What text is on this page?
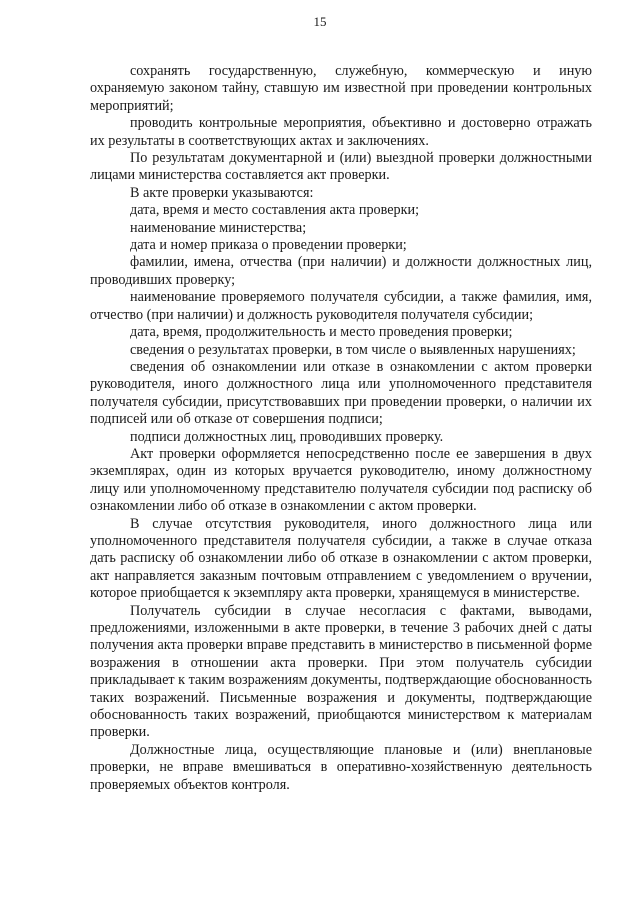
15

сохранять государственную, служебную, коммерческую и иную охраняемую законом тайну, ставшую им известной при проведении контрольных мероприятий;

проводить контрольные мероприятия, объективно и достоверно отражать их результаты в соответствующих актах и заключениях.

По результатам документарной и (или) выездной проверки должностными лицами министерства составляется акт проверки.

В акте проверки указываются:

дата, время и место составления акта проверки;

наименование министерства;

дата и номер приказа о проведении проверки;

фамилии, имена, отчества (при наличии) и должности должностных лиц, проводивших проверку;

наименование проверяемого получателя субсидии, а также фамилия, имя, отчество (при наличии) и должность руководителя получателя субсидии;

дата, время, продолжительность и место проведения проверки;

сведения о результатах проверки, в том числе о выявленных нарушениях;

сведения об ознакомлении или отказе в ознакомлении с актом проверки руководителя, иного должностного лица или уполномоченного представителя получателя субсидии, присутствовавших при проведении проверки, о наличии их подписей или об отказе от совершения подписи;

подписи должностных лиц, проводивших проверку.

Акт проверки оформляется непосредственно после ее завершения в двух экземплярах, один из которых вручается руководителю, иному должностному лицу или уполномоченному представителю получателя субсидии под расписку об ознакомлении либо об отказе в ознакомлении с актом проверки.

В случае отсутствия руководителя, иного должностного лица или уполномоченного представителя получателя субсидии, а также в случае отказа дать расписку об ознакомлении либо об отказе в ознакомлении с актом проверки, акт направляется заказным почтовым отправлением с уведомлением о вручении, которое приобщается к экземпляру акта проверки, хранящемуся в министерстве.

Получатель субсидии в случае несогласия с фактами, выводами, предложениями, изложенными в акте проверки, в течение 3 рабочих дней с даты получения акта проверки вправе представить в министерство в письменной форме возражения в отношении акта проверки. При этом получатель субсидии прикладывает к таким возражениям документы, подтверждающие обоснованность таких возражений. Письменные возражения и документы, подтверждающие обоснованность таких возражений, приобщаются министерством к материалам проверки.

Должностные лица, осуществляющие плановые и (или) внеплановые проверки, не вправе вмешиваться в оперативно-хозяйственную деятельность проверяемых объектов контроля.
